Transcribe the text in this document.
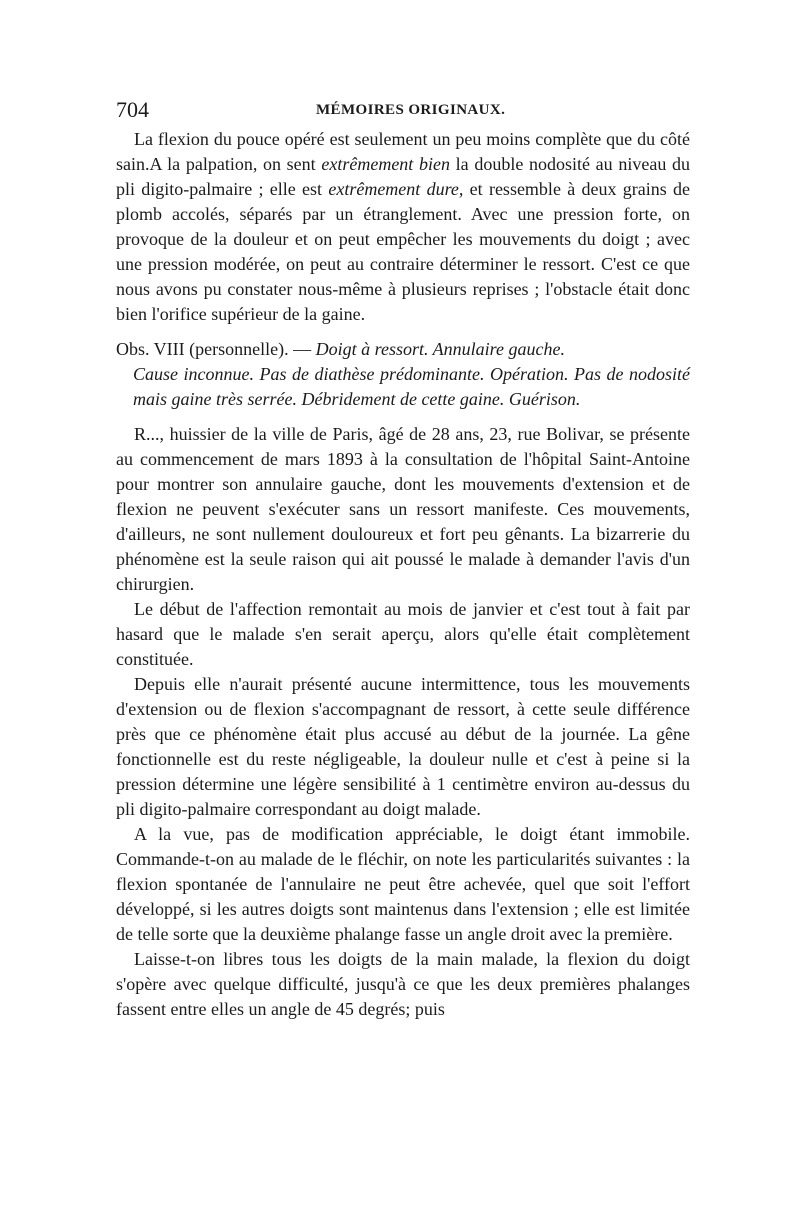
704	MÉMOIRES ORIGINAUX.

La flexion du pouce opéré est seulement un peu moins complète que du côté sain.A la palpation, on sent extrêmement bien la double nodosité au niveau du pli digito-palmaire ; elle est extrêmement dure, et ressemble à deux grains de plomb accolés, séparés par un étranglement. Avec une pression forte, on provoque de la douleur et on peut empêcher les mouvements du doigt ; avec une pression modérée, on peut au contraire déterminer le ressort. C'est ce que nous avons pu constater nous-même à plusieurs reprises ; l'obstacle était donc bien l'orifice supérieur de la gaine.

Obs. VIII (personnelle). — Doigt à ressort. Annulaire gauche.
Cause inconnue. Pas de diathèse prédominante. Opération. Pas de nodosité mais gaine très serrée. Débridement de cette gaine. Guérison.

R..., huissier de la ville de Paris, âgé de 28 ans, 23, rue Bolivar, se présente au commencement de mars 1893 à la consultation de l'hôpital Saint-Antoine pour montrer son annulaire gauche, dont les mouvements d'extension et de flexion ne peuvent s'exécuter sans un ressort manifeste. Ces mouvements, d'ailleurs, ne sont nullement douloureux et fort peu gênants. La bizarrerie du phénomène est la seule raison qui ait poussé le malade à demander l'avis d'un chirurgien.

Le début de l'affection remontait au mois de janvier et c'est tout à fait par hasard que le malade s'en serait aperçu, alors qu'elle était complètement constituée.

Depuis elle n'aurait présenté aucune intermittence, tous les mouvements d'extension ou de flexion s'accompagnant de ressort, à cette seule différence près que ce phénomène était plus accusé au début de la journée. La gêne fonctionnelle est du reste négligeable, la douleur nulle et c'est à peine si la pression détermine une légère sensibilité à 1 centimètre environ au-dessus du pli digito-palmaire correspondant au doigt malade.

A la vue, pas de modification appréciable, le doigt étant immobile. Commande-t-on au malade de le fléchir, on note les particularités suivantes : la flexion spontanée de l'annulaire ne peut être achevée, quel que soit l'effort développé, si les autres doigts sont maintenus dans l'extension ; elle est limitée de telle sorte que la deuxième phalange fasse un angle droit avec la première.

Laisse-t-on libres tous les doigts de la main malade, la flexion du doigt s'opère avec quelque difficulté, jusqu'à ce que les deux premières phalanges fassent entre elles un angle de 45 degrés; puis
